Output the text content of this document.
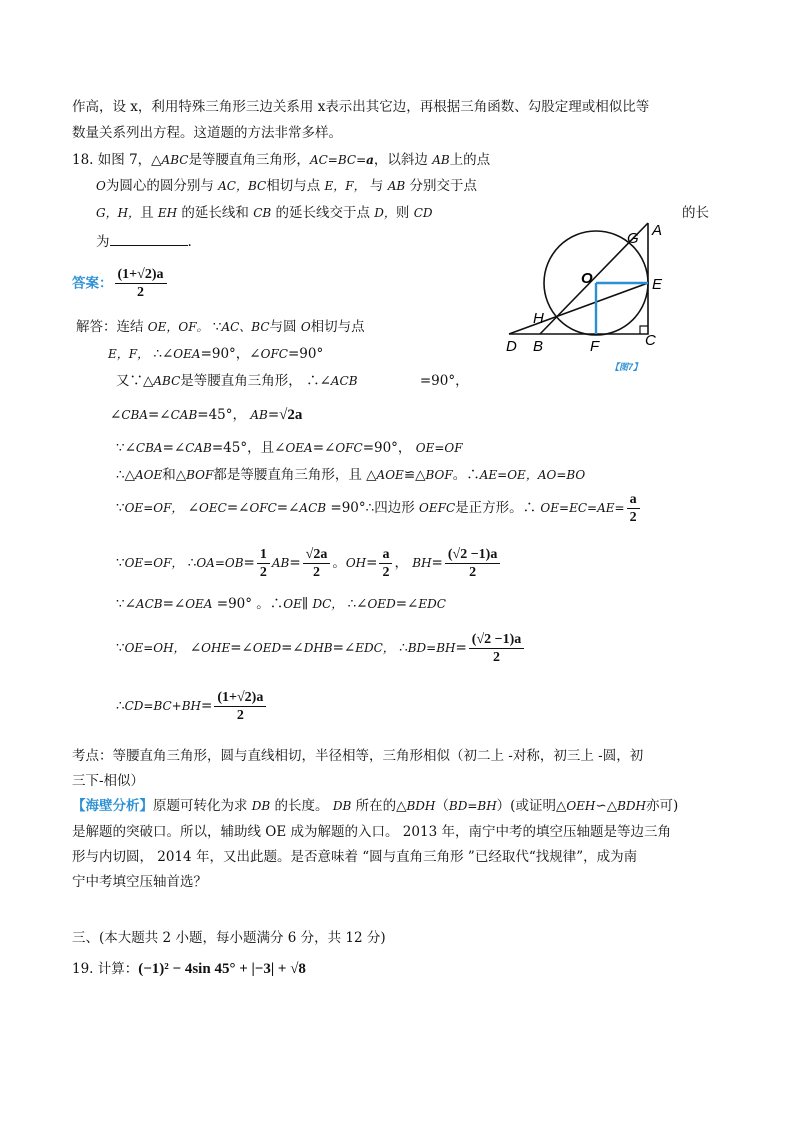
作高，设 x，利用特殊三角形三边关系用 x表示出其它边，再根据三角函数、勾股定理或相似比等
数量关系列出方程。这道题的方法非常多样。
18. 如图 7，△ABC是等腰直角三角形，AC=BC=a，以斜边 AB上的点
O为圆心的圆分别与 AC，BC相切与点 E，F， 与 AB 分别交于点
G，H，且 EH 的延长线和 CB 的延长线交于点 D，则 CD	的长
为	.
答案： $\frac{(1+√2)a}{2}$
G A
O	E
H
D B	F	C
【图7】
解答：连结 OE，OF。 ∵AC、BC与圆 O相切与点
E，F， ∴∠OEA=90°，∠OFC=90°
又∵△ABC是等腰直角三角形， ∴∠ACB	=90°，
∠CBA=∠CAB=45°， AB=√2a
∵∠CBA=∠CAB=45°，且∠OEA=∠OFC=90°， OE=OF
∴△AOE和△BOF都是等腰直角三角形，且 △AOE≌△BOF。∴AE=OE，AO=BO
∵OE=OF， ∠OEC=∠OFC=∠ACB =90°∴四边形 OEFC是正方形。∴ $OE=EC=AE= \frac{a}{2}$
∵OE=OF， ∴OA=OB= $\frac{1}{2} AB= \frac{√2a}{2}$ 。$OH= \frac{a}{2}$ ， $BH= \frac{(√2 -1)a}{2}$
∵∠ACB=∠OEA =90° 。∴OE∥ DC， ∴∠OED=∠EDC
∵OE=OH， ∠OHE=∠OED=∠DHB=∠EDC， ∴BD=BH= $\frac{(√2 -1)a}{2}$
∴CD=BC+BH= $\frac{(1+√2)a}{2}$
考点：等腰直角三角形，圆与直线相切，半径相等，三角形相似（初二上 -对称，初三上 -圆，初
三下-相似）
【海壁分析】原题可转化为求 DB 的长度。 DB 所在的△BDH（BD=BH）(或证明△OEH∽△BDH亦可)
是解题的突破口。所以，辅助线 OE 成为解题的入口。 2013 年，南宁中考的填空压轴题是等边三角
形与内切圆， 2014 年，又出此题。是否意味着 “圆与直角三角形 ”已经取代“找规律”，成为南
宁中考填空压轴首选？
三、(本大题共 2 小题，每小题满分 6 分，共 12 分)
19. 计算：(−1)² − 4sin 45° + |−3| + √8
